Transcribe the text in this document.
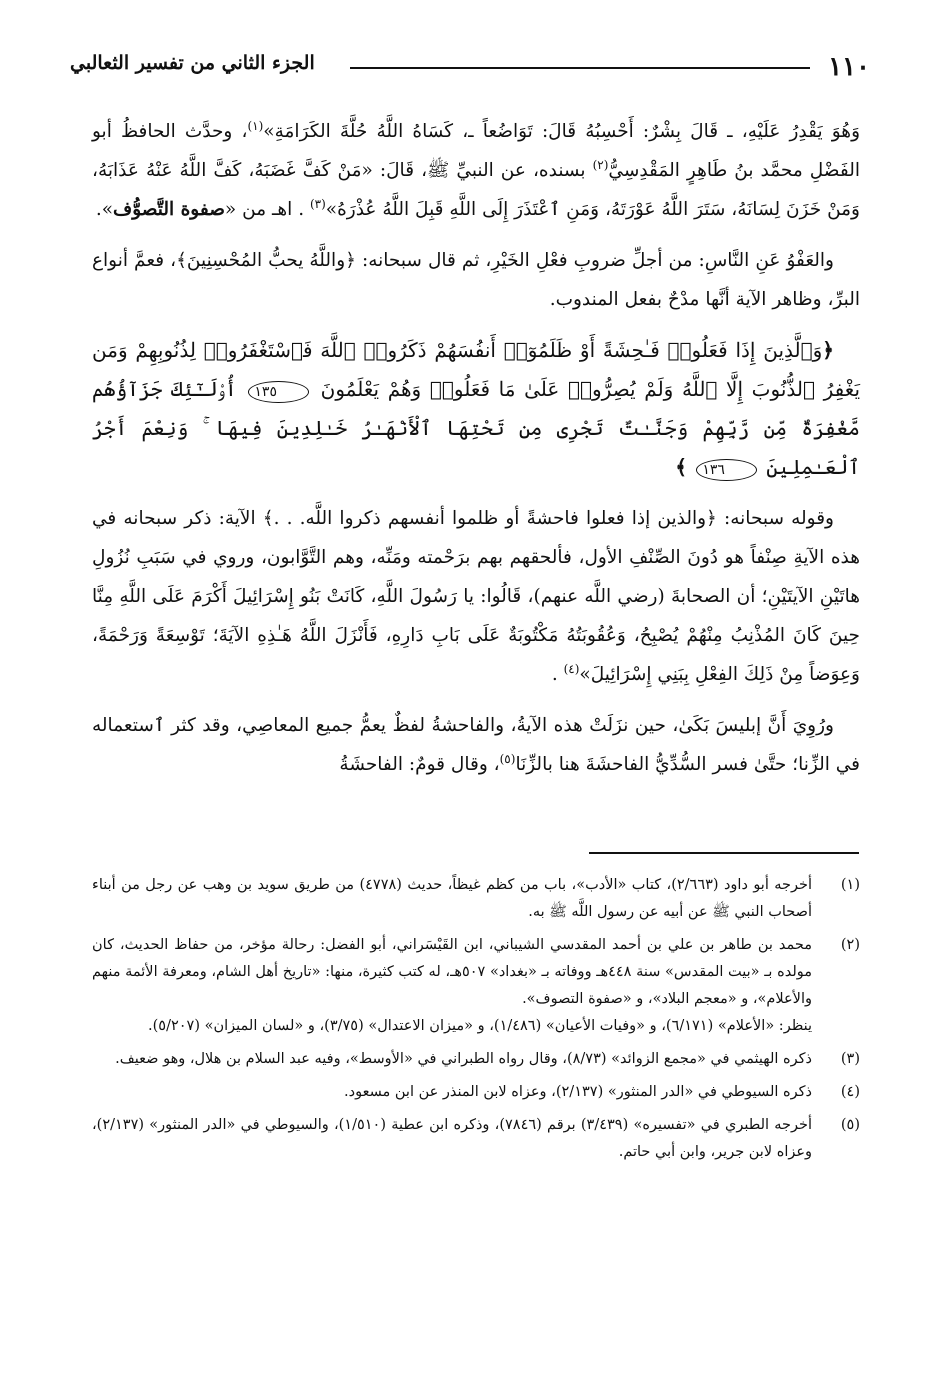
١١٠
الجزء الثاني من تفسير الثعالبي

وَهُوَ يَقْدِرُ عَلَيْهِ، ـ قَالَ بِشْرٌ: أَحْسِبُهُ قَالَ: تَوَاضُعاً ـ، كَسَاهُ اللَّهُ حُلَّةَ الكَرَامَةِ»$^{(١)}$، وحدَّث الحافظُ أبو الفَضْلِ محمَّد بنُ طَاهِرٍ المَقْدِسِيُّ$^{(٢)}$ بسنده، عن النبيِّ ﷺ، قَالَ: «مَنْ كَفَّ غَضَبَهُ، كَفَّ اللَّهُ عَنْهُ عَذَابَهُ، وَمَنْ خَزَنَ لِسَانَهُ، سَتَرَ اللَّهُ عَوْرَتَهُ، وَمَنِ ٱعْتَذَرَ إِلَى اللَّهِ قَبِلَ اللَّهُ عُذْرَهُ»$^{(٣)}$ . اهـ من «صفوة التَّصوُّف».

والعَفْوُ عَنِ النَّاسِ: من أجلِّ ضروبِ فعْلِ الخَيْرِ، ثم قال سبحانه: ﴿واللَّهُ يحبُّ المُحْسِنِينَ﴾، فعمَّ أنواع البرِّ، وظاهر الآية أنَّها مدْحٌ بفعل المندوب.

﴿وَٱلَّذِينَ إِذَا فَعَلُوا۟ فَـٰحِشَةً أَوْ ظَلَمُوٓا۟ أَنفُسَهُمْ ذَكَرُوا۟ ٱللَّهَ فَٱسْتَغْفَرُوا۟ لِذُنُوبِهِمْ وَمَن يَغْفِرُ ٱلذُّنُوبَ إِلَّا ٱللَّهُ وَلَمْ يُصِرُّوا۟ عَلَىٰ مَا فَعَلُوا۟ وَهُمْ يَعْلَمُونَ ١٣٥ أُو۟لَـٰٓئِكَ جَزَآؤُهُم مَّغْفِرَةٌ مِّن رَّبِّهِمْ وَجَنَّـٰتٌ تَجْرِى مِن تَحْتِهَا ٱلْأَنْهَـٰرُ خَـٰلِدِينَ فِيهَا ۚ وَنِعْمَ أَجْرُ ٱلْعَـٰمِلِينَ ١٣٦ ﴾

وقوله سبحانه: ﴿والذين إذا فعلوا فاحشةً أو ظلموا أنفسهم ذكروا اللَّه. . .﴾ الآية: ذكر سبحانه في هذه الآيةِ صِنْفاً هو دُونَ الصِّنْفِ الأول، فألحقهم بهم برَحْمته ومَنِّه، وهم التَّوَّابون، وروي في سَبَبِ نُزُولِ هاتَيْنِ الآيتَيْنِ؛ أن الصحابةَ (رضي اللَّه عنهم)، قَالُوا: يا رَسُولَ اللَّهِ، كَانَتْ بَنُو إِسْرَائِيلَ أَكْرَمَ عَلَى اللَّهِ مِنَّا حِينَ كَانَ المُذْنِبُ مِنْهُمْ يُصْبِحُ، وَعُقُوبَتُهُ مَكْتُوبَةٌ عَلَى بَابِ دَارِهِ، فَأَنْزَلَ اللَّهُ هَـٰذِهِ الآيَةَ؛ تَوْسِعَةً وَرَحْمَةً، وَعِوَضاً مِنْ ذَلِكَ الفِعْلِ بِبَنِي إِسْرَائِيلَ»$^{(٤)}$ .

ورُوِيَ أَنَّ إبليسَ بَكَىٰ، حين نزَلَتْ هذه الآيةُ، والفاحشةُ لفظٌ يعمُّ جميع المعاصِي، وقد كثر ٱستعماله في الزِّنا؛ حتَّىٰ فسر السُّدِّيُّ الفاحشَةَ هنا بالزِّنَا$^{(٥)}$، وقال قومٌ: الفاحشَةُ

(١)
أخرجه أبو داود (٢/٦٦٣)، كتاب «الأدب»، باب من كظم غيظاً، حديث (٤٧٧٨) من طريق سويد بن وهب عن رجل من أبناء أصحاب النبي ﷺ عن أبيه عن رسول اللَّه ﷺ به.
(٢)
محمد بن طاهر بن علي بن أحمد المقدسي الشيباني، ابن القَيْسَراني، أبو الفضل: رحالة مؤخر، من حفاظ الحديث، كان مولده بـ «بيت المقدس» سنة ٤٤٨هـ ووفاته بـ «بغداد» ٥٠٧هـ، له كتب كثيرة، منها: «تاريخ أهل الشام، ومعرفة الأئمة منهم والأعلام»، و «معجم البلاد»، و «صفوة التصوف».
ينظر: «الأعلام» (٦/١٧١)، و «وفيات الأعيان» (١/٤٨٦)، و «ميزان الاعتدال» (٣/٧٥)، و «لسان الميزان» (٥/٢٠٧).
(٣)
ذكره الهيثمي في «مجمع الزوائد» (٨/٧٣)، وقال رواه الطبراني في «الأوسط»، وفيه عبد السلام بن هلال، وهو ضعيف.
(٤)
ذكره السيوطي في «الدر المنثور» (٢/١٣٧)، وعزاه لابن المنذر عن ابن مسعود.
(٥)
أخرجه الطبري في «تفسيره» (٣/٤٣٩) برقم (٧٨٤٦)، وذكره ابن عطية (١/٥١٠)، والسيوطي في «الدر المنثور» (٢/١٣٧)، وعزاه لابن جرير، وابن أبي حاتم.
